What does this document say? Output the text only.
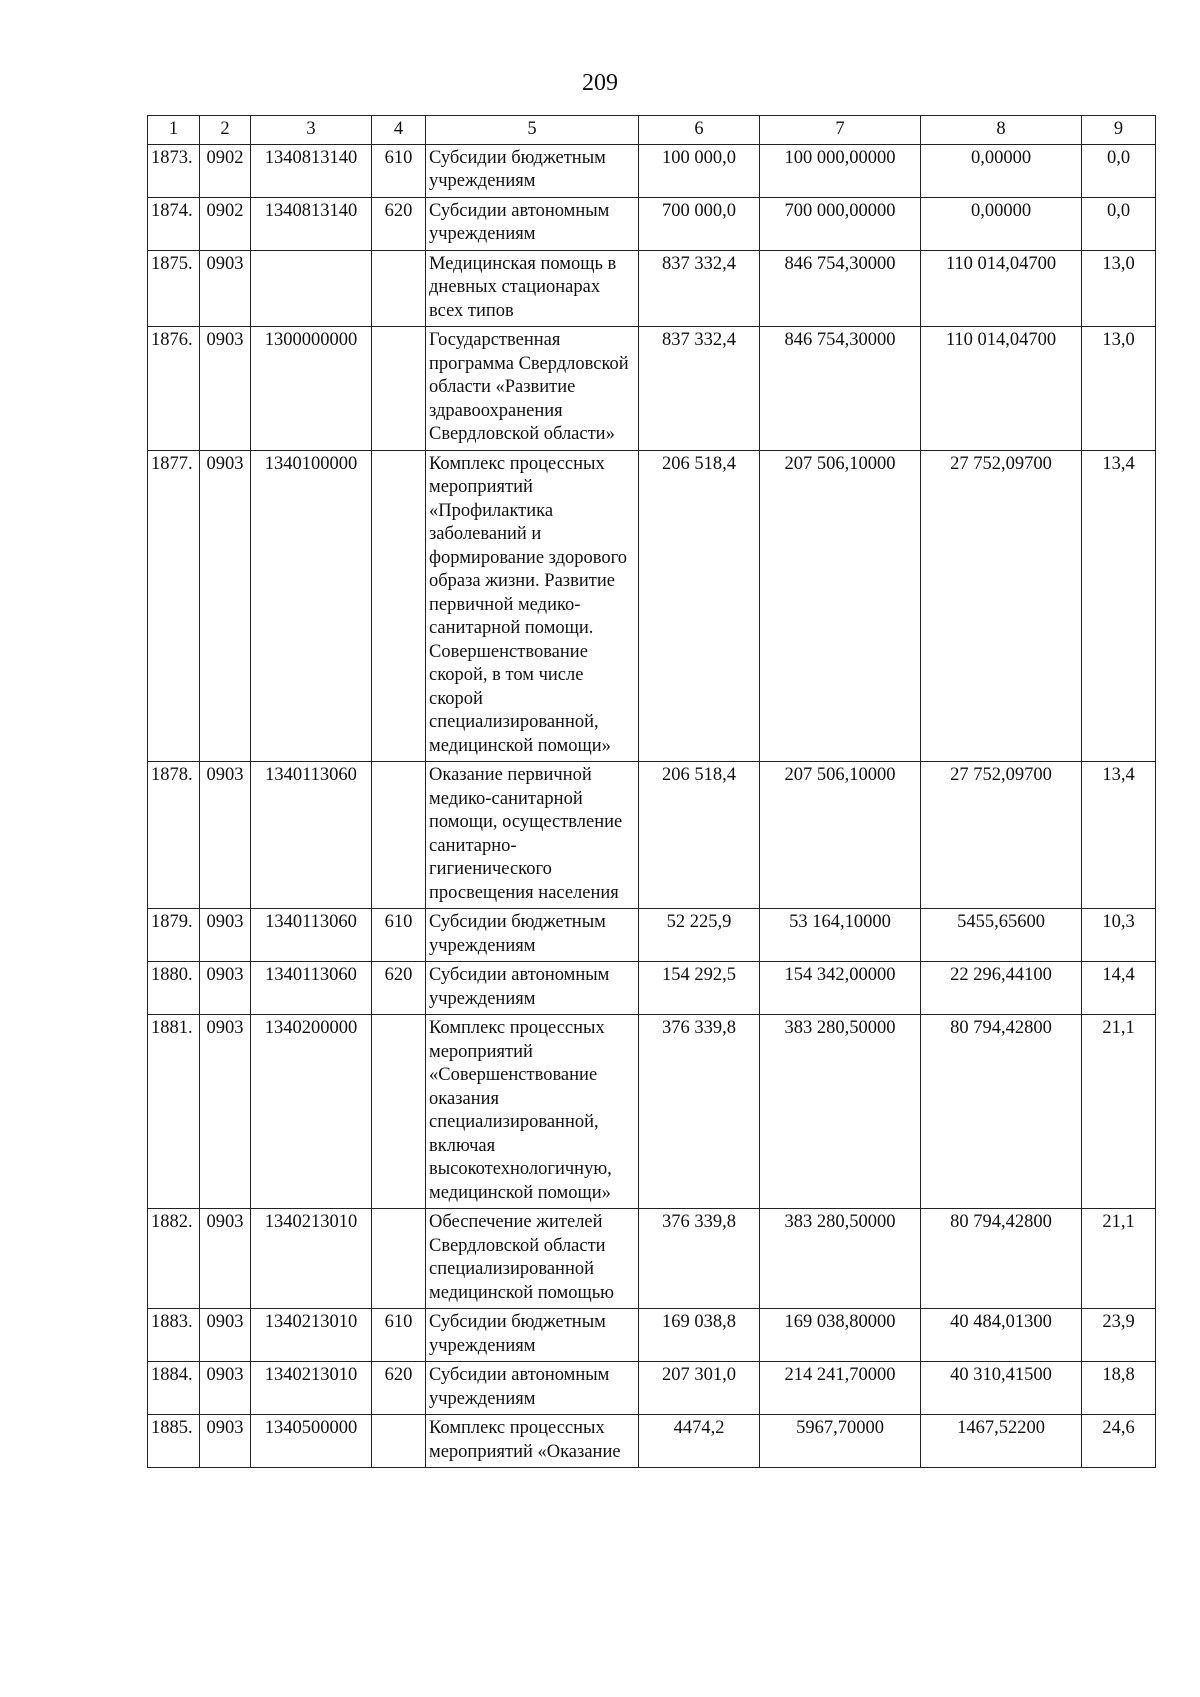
209
1	2	3	4	5	6	7	8	9
1873.	0902	1340813140	610	Субсидии бюджетным учреждениям	100 000,0	100 000,00000	0,00000	0,0
1874.	0902	1340813140	620	Субсидии автономным учреждениям	700 000,0	700 000,00000	0,00000	0,0
1875.	0903			Медицинская помощь в дневных стационарах всех типов	837 332,4	846 754,30000	110 014,04700	13,0
1876.	0903	1300000000		Государственная программа Свердловской области «Развитие здравоохранения Свердловской области»	837 332,4	846 754,30000	110 014,04700	13,0
1877.	0903	1340100000		Комплекс процессных мероприятий «Профилактика заболеваний и формирование здорового образа жизни. Развитие первичной медико-санитарной помощи. Совершенствование скорой, в том числе скорой специализированной, медицинской помощи»	206 518,4	207 506,10000	27 752,09700	13,4
1878.	0903	1340113060		Оказание первичной медико-санитарной помощи, осуществление санитарно-гигиенического просвещения населения	206 518,4	207 506,10000	27 752,09700	13,4
1879.	0903	1340113060	610	Субсидии бюджетным учреждениям	52 225,9	53 164,10000	5455,65600	10,3
1880.	0903	1340113060	620	Субсидии автономным учреждениям	154 292,5	154 342,00000	22 296,44100	14,4
1881.	0903	1340200000		Комплекс процессных мероприятий «Совершенствование оказания специализированной, включая высокотехнологичную, медицинской помощи»	376 339,8	383 280,50000	80 794,42800	21,1
1882.	0903	1340213010		Обеспечение жителей Свердловской области специализированной медицинской помощью	376 339,8	383 280,50000	80 794,42800	21,1
1883.	0903	1340213010	610	Субсидии бюджетным учреждениям	169 038,8	169 038,80000	40 484,01300	23,9
1884.	0903	1340213010	620	Субсидии автономным учреждениям	207 301,0	214 241,70000	40 310,41500	18,8
1885.	0903	1340500000		Комплекс процессных мероприятий «Оказание	4474,2	5967,70000	1467,52200	24,6
